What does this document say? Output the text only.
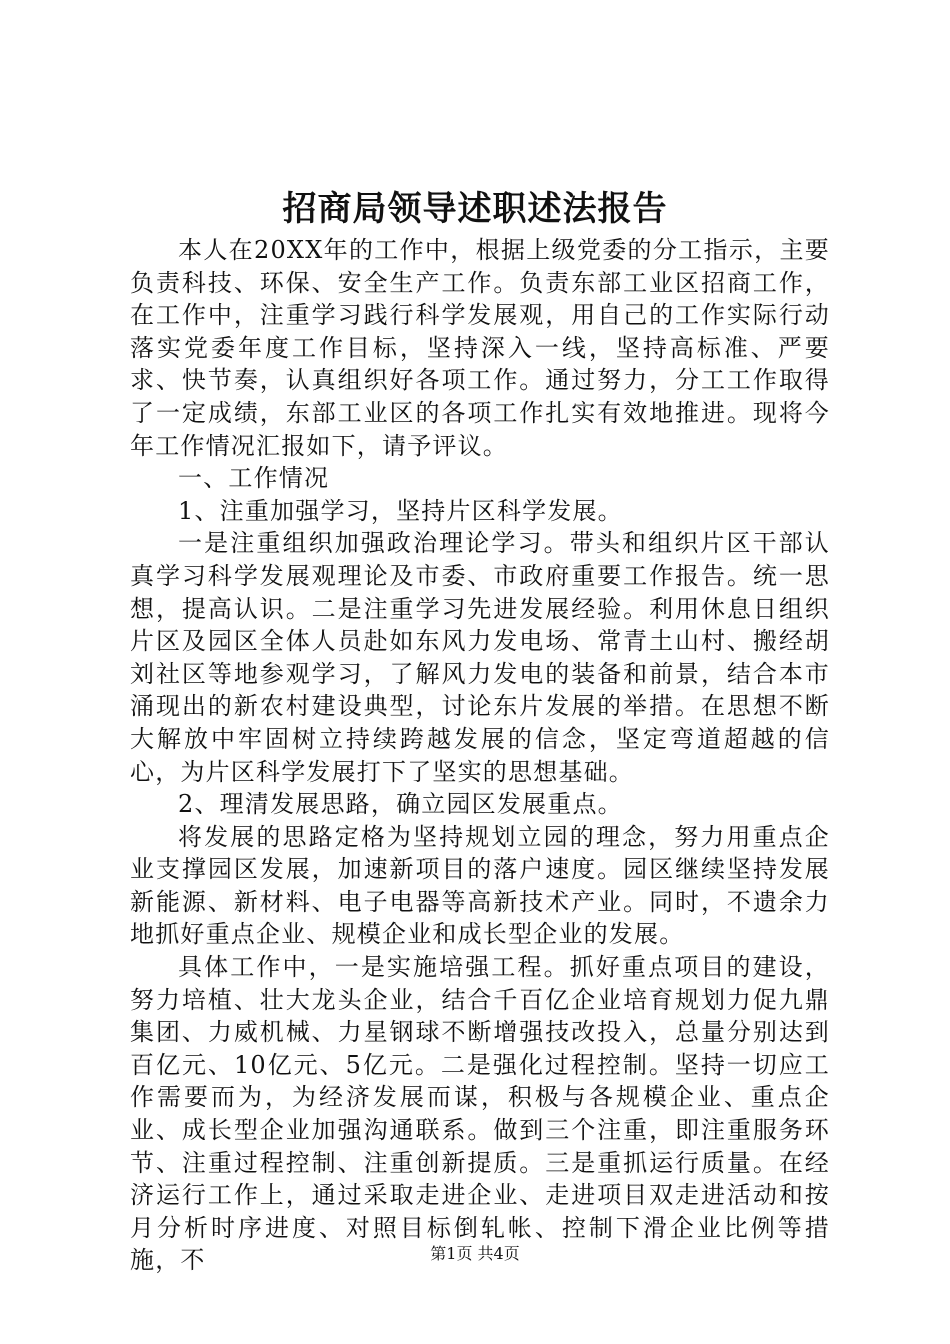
招商局领导述职述法报告

本人在20XX年的工作中，根据上级党委的分工指示，主要负责科技、环保、安全生产工作。负责东部工业区招商工作，在工作中，注重学习践行科学发展观，用自己的工作实际行动落实党委年度工作目标，坚持深入一线，坚持高标准、严要求、快节奏，认真组织好各项工作。通过努力，分工工作取得了一定成绩，东部工业区的各项工作扎实有效地推进。现将今年工作情况汇报如下，请予评议。

一、工作情况

1、注重加强学习，坚持片区科学发展。

一是注重组织加强政治理论学习。带头和组织片区干部认真学习科学发展观理论及市委、市政府重要工作报告。统一思想，提高认识。二是注重学习先进发展经验。利用休息日组织片区及园区全体人员赴如东风力发电场、常青土山村、搬经胡刘社区等地参观学习，了解风力发电的装备和前景，结合本市涌现出的新农村建设典型，讨论东片发展的举措。在思想不断大解放中牢固树立持续跨越发展的信念，坚定弯道超越的信心，为片区科学发展打下了坚实的思想基础。

2、理清发展思路，确立园区发展重点。

将发展的思路定格为坚持规划立园的理念，努力用重点企业支撑园区发展，加速新项目的落户速度。园区继续坚持发展新能源、新材料、电子电器等高新技术产业。同时，不遗余力地抓好重点企业、规模企业和成长型企业的发展。

具体工作中，一是实施培强工程。抓好重点项目的建设，努力培植、壮大龙头企业，结合千百亿企业培育规划力促九鼎集团、力威机械、力星钢球不断增强技改投入，总量分别达到百亿元、10亿元、5亿元。二是强化过程控制。坚持一切应工作需要而为，为经济发展而谋，积极与各规模企业、重点企业、成长型企业加强沟通联系。做到三个注重，即注重服务环节、注重过程控制、注重创新提质。三是重抓运行质量。在经济运行工作上，通过采取走进企业、走进项目双走进活动和按月分析时序进度、对照目标倒轧帐、控制下滑企业比例等措施，不	第1页 共4页
